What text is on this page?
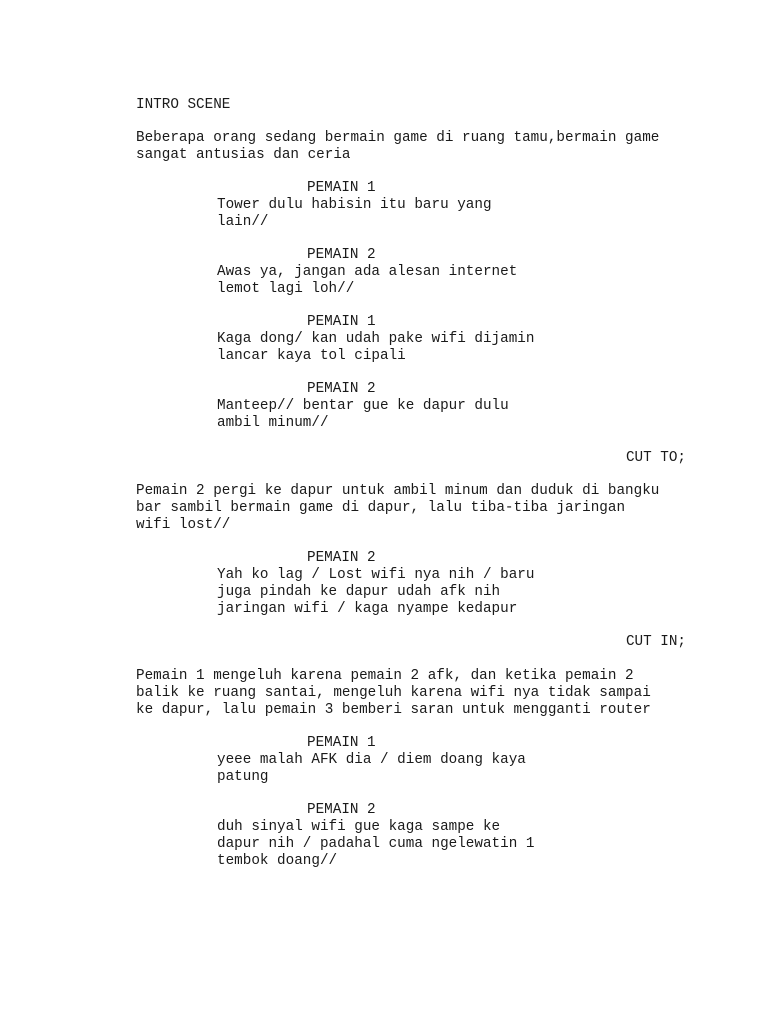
INTRO SCENE

Beberapa orang sedang bermain game di ruang tamu,bermain game

sangat antusias dan ceria

PEMAIN 1

Tower dulu habisin itu baru yang

lain//

PEMAIN 2

Awas ya, jangan ada alesan internet

lemot lagi loh//

PEMAIN 1

Kaga dong/ kan udah pake wifi dijamin

lancar kaya tol cipali

PEMAIN 2

Manteep// bentar gue ke dapur dulu

ambil minum//

CUT TO;

Pemain 2 pergi ke dapur untuk ambil minum dan duduk di bangku

bar sambil bermain game di dapur, lalu tiba-tiba jaringan

wifi lost//

PEMAIN 2

Yah ko lag / Lost wifi nya nih / baru

juga pindah ke dapur udah afk nih

jaringan wifi / kaga nyampe kedapur

CUT IN;

Pemain 1 mengeluh karena pemain 2 afk, dan ketika pemain 2

balik ke ruang santai, mengeluh karena wifi nya tidak sampai

ke dapur, lalu pemain 3 bemberi saran untuk mengganti router

PEMAIN 1

yeee malah AFK dia / diem doang kaya

patung

PEMAIN 2

duh sinyal wifi gue kaga sampe ke

dapur nih / padahal cuma ngelewatin 1

tembok doang//
